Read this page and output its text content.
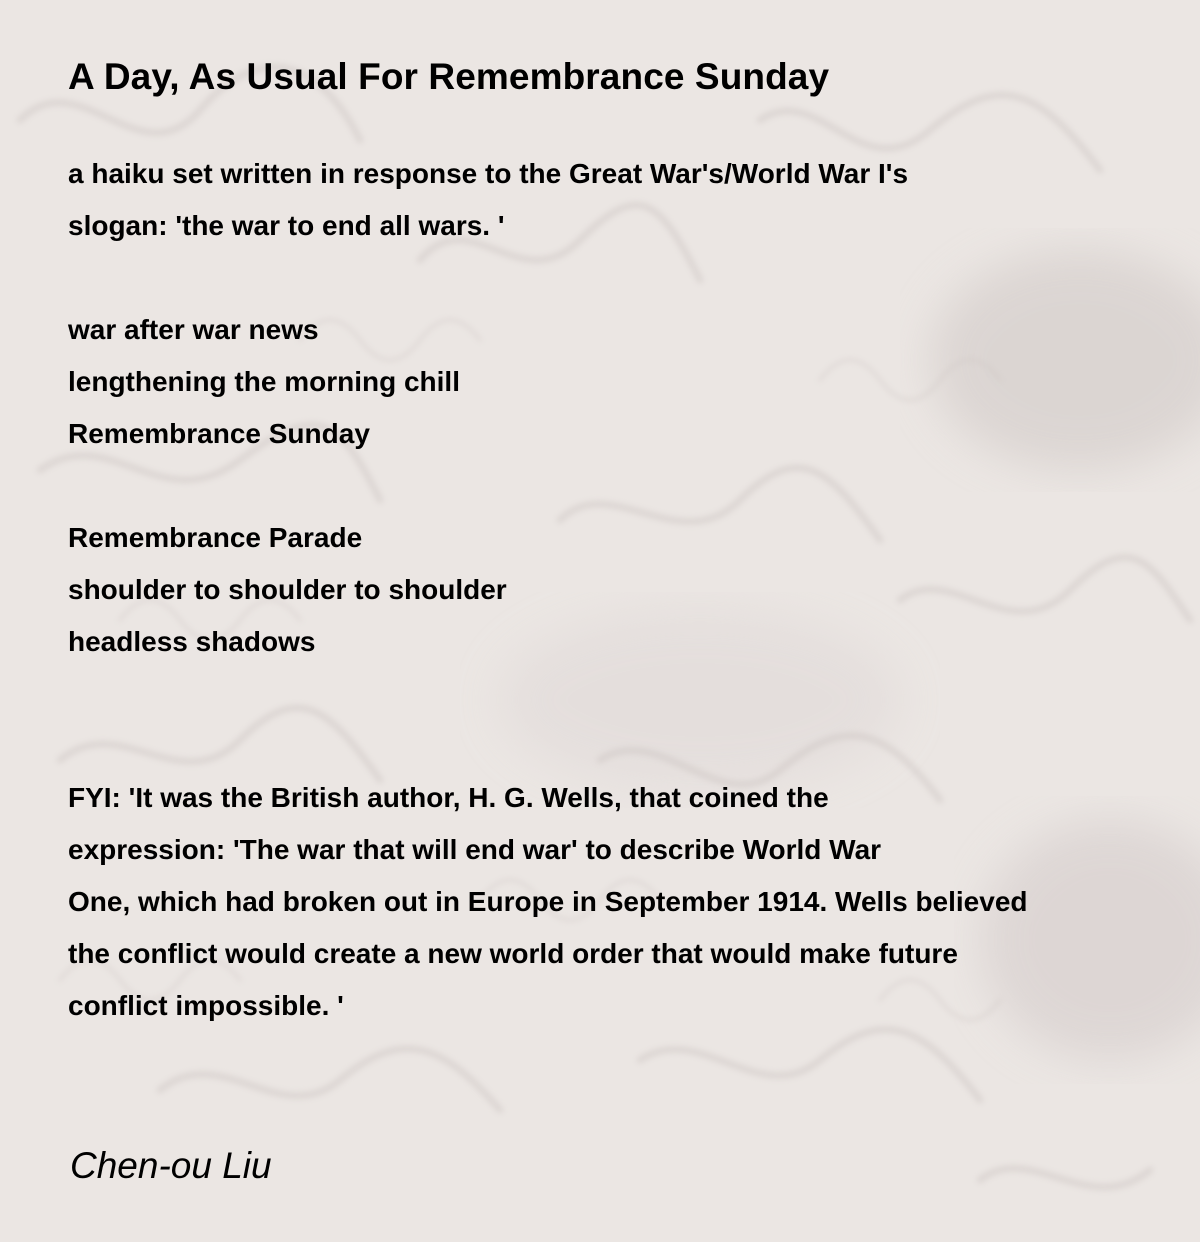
A Day, As Usual For Remembrance Sunday
a haiku set written in response to the Great War's/World War I's
slogan: 'the war to end all wars. '
war after war news
lengthening the morning chill
Remembrance Sunday
Remembrance Parade
shoulder to shoulder to shoulder
headless shadows
FYI: 'It was the British author, H. G. Wells, that coined the
expression: 'The war that will end war' to describe World War
One, which had broken out in Europe in September 1914. Wells believed
the conflict would create a new world order that would make future
conflict impossible. '
Chen-ou Liu
